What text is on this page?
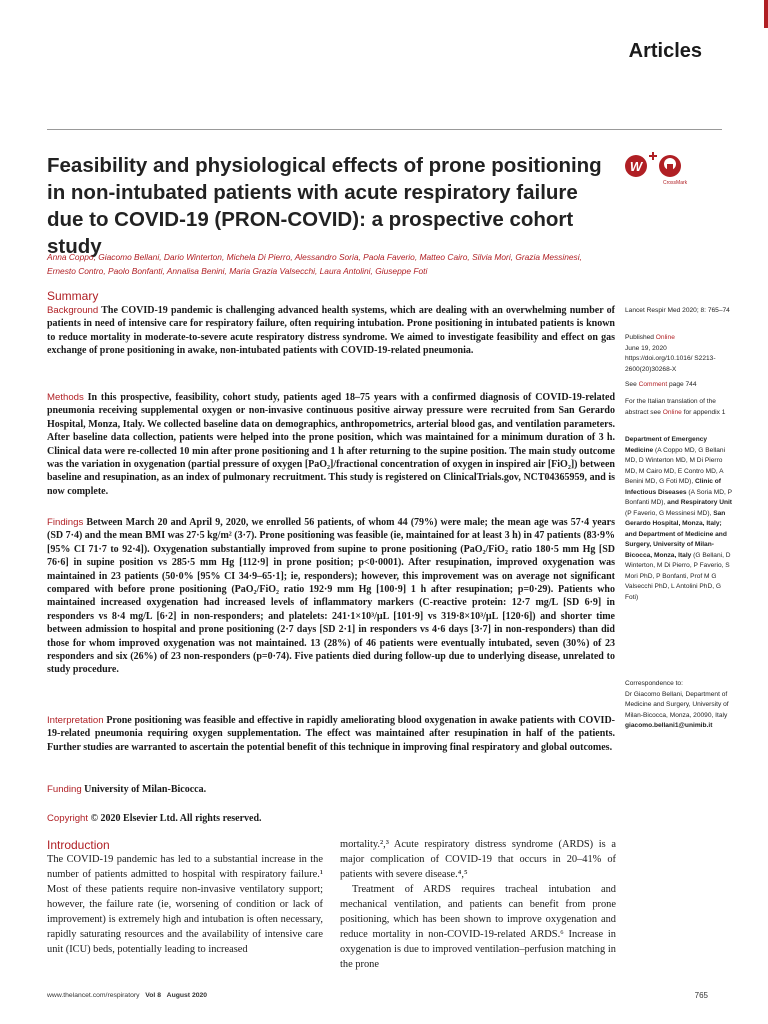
Articles
Feasibility and physiological effects of prone positioning in non-intubated patients with acute respiratory failure due to COVID-19 (PRON-COVID): a prospective cohort study
W
CrossMark
Anna Coppo, Giacomo Bellani, Dario Winterton, Michela Di Pierro, Alessandro Soria, Paola Faverio, Matteo Cairo, Silvia Mori, Grazia Messinesi, Ernesto Contro, Paolo Bonfanti, Annalisa Benini, Maria Grazia Valsecchi, Laura Antolini, Giuseppe Foti
Summary

Background The COVID-19 pandemic is challenging advanced health systems, which are dealing with an overwhelming number of patients in need of intensive care for respiratory failure, often requiring intubation. Prone positioning in intubated patients is known to reduce mortality in moderate-to-severe acute respiratory distress syndrome. We aimed to investigate feasibility and effect on gas exchange of prone positioning in awake, non-intubated patients with COVID-19-related pneumonia.

Methods In this prospective, feasibility, cohort study, patients aged 18–75 years with a confirmed diagnosis of COVID-19-related pneumonia receiving supplemental oxygen or non-invasive continuous positive airway pressure were recruited from San Gerardo Hospital, Monza, Italy. We collected baseline data on demographics, anthropometrics, arterial blood gas, and ventilation parameters. After baseline data collection, patients were helped into the prone position, which was maintained for a minimum duration of 3 h. Clinical data were re-collected 10 min after prone positioning and 1 h after returning to the supine position. The main study outcome was the variation in oxygenation (partial pressure of oxygen [PaO₂]/fractional concentration of oxygen in inspired air [FiO₂]) between baseline and resupination, as an index of pulmonary recruitment. This study is registered on ClinicalTrials.gov, NCT04365959, and is now complete.

Findings Between March 20 and April 9, 2020, we enrolled 56 patients, of whom 44 (79%) were male; the mean age was 57·4 years (SD 7·4) and the mean BMI was 27·5 kg/m² (3·7). Prone positioning was feasible (ie, maintained for at least 3 h) in 47 patients (83·9% [95% CI 71·7 to 92·4]). Oxygenation substantially improved from supine to prone positioning (PaO₂/FiO₂ ratio 180·5 mm Hg [SD 76·6] in supine position vs 285·5 mm Hg [112·9] in prone position; p<0·0001). After resupination, improved oxygenation was maintained in 23 patients (50·0% [95% CI 34·9–65·1]; ie, responders); however, this improvement was on average not significant compared with before prone positioning (PaO₂/FiO₂ ratio 192·9 mm Hg [100·9] 1 h after resupination; p=0·29). Patients who maintained increased oxygenation had increased levels of inflammatory markers (C-reactive protein: 12·7 mg/L [SD 6·9] in responders vs 8·4 mg/L [6·2] in non-responders; and platelets: 241·1×10³/µL [101·9] vs 319·8×10³/µL [120·6]) and shorter time between admission to hospital and prone positioning (2·7 days [SD 2·1] in responders vs 4·6 days [3·7] in non-responders) than did those for whom improved oxygenation was not maintained. 13 (28%) of 46 patients were eventually intubated, seven (30%) of 23 responders and six (26%) of 23 non-responders (p=0·74). Five patients died during follow-up due to underlying disease, unrelated to study procedure.

Interpretation Prone positioning was feasible and effective in rapidly ameliorating blood oxygenation in awake patients with COVID-19-related pneumonia requiring oxygen supplementation. The effect was maintained after resupination in half of the patients. Further studies are warranted to ascertain the potential benefit of this technique in improving final respiratory and global outcomes.

Funding University of Milan-Bicocca.

Copyright © 2020 Elsevier Ltd. All rights reserved.

Lancet Respir Med 2020; 8: 765–74
Published Online
June 19, 2020
https://doi.org/10.1016/ S2213-2600(20)30268-X
See Comment page 744
For the Italian translation of the abstract see Online for appendix 1
Department of Emergency Medicine (A Coppo MD, G Bellani MD, D Winterton MD, M Di Pierro MD, M Cairo MD, E Contro MD, A Benini MD, G Foti MD), Clinic of Infectious Diseases (A Soria MD, P Bonfanti MD), and Respiratory Unit (P Faverio, G Messinesi MD), San Gerardo Hospital, Monza, Italy; and Department of Medicine and Surgery, University of Milan-Bicocca, Monza, Italy (G Bellani, D Winterton, M Di Pierro, P Faverio, S Mori PhD, P Bonfanti, Prof M G Valsecchi PhD, L Antolini PhD, G Foti)
Correspondence to:
Dr Giacomo Bellani, Department of Medicine and Surgery, University of Milan-Bicocca, Monza, 20090, Italy
giacomo.bellani1@unimib.it
Introduction

The COVID-19 pandemic has led to a substantial increase in the number of patients admitted to hospital with respiratory failure.¹ Most of these patients require non-invasive ventilatory support; however, the failure rate (ie, worsening of condition or lack of improvement) is extremely high and intubation is often necessary, rapidly saturating resources and the availability of intensive care unit (ICU) beds, potentially leading to increased

mortality.²,³ Acute respiratory distress syndrome (ARDS) is a major complication of COVID-19 that occurs in 20–41% of patients with severe disease.⁴,⁵

Treatment of ARDS requires tracheal intubation and mechanical ventilation, and patients can benefit from prone positioning, which has been shown to improve oxygenation and reduce mortality in non-COVID-19-related ARDS.⁶ Increase in oxygenation is due to improved ventilation–perfusion matching in the prone

www.thelancet.com/respiratory Vol 8 August 2020	765
